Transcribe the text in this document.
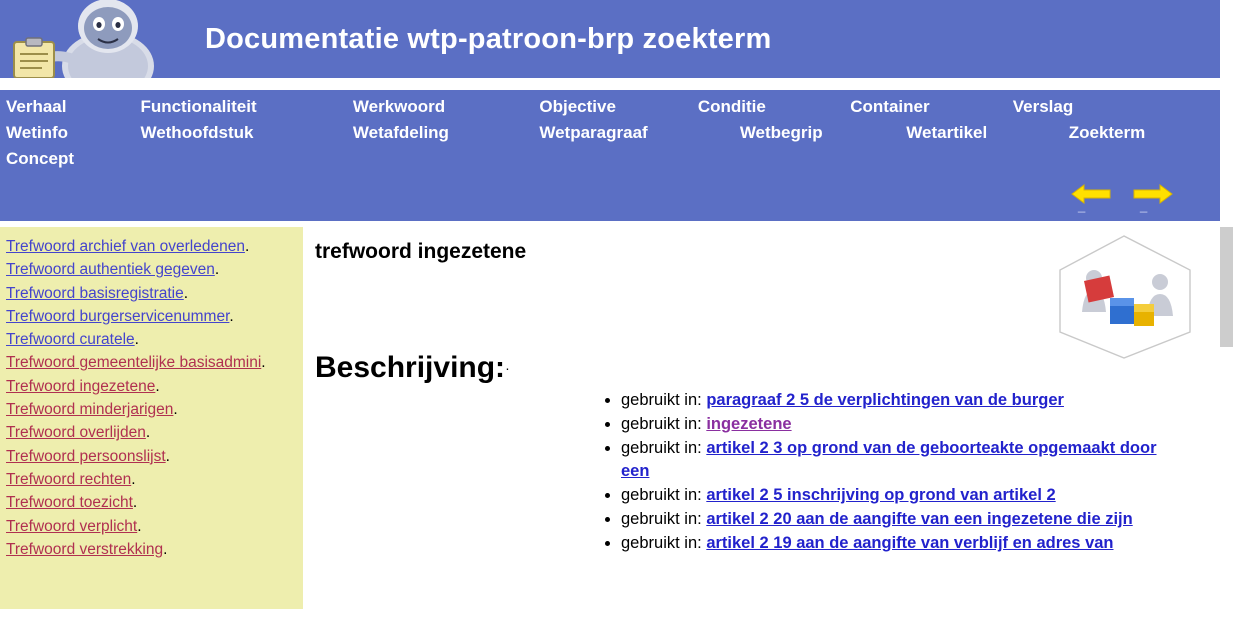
Documentatie wtp-patroon-brp zoekterm
Verhaal	Functionaliteit	Werkwoord	Objective	Conditie	Container	Verslag
Wetinfo	Wethoofdstuk	Wetafdeling	Wetparagraaf	Wetbegrip	Wetartikel	Zoekterm
Concept
_	_
Trefwoord archief van overledenen.
Trefwoord authentiek gegeven.
Trefwoord basisregistratie.
Trefwoord burgerservicenummer.
Trefwoord curatele.
Trefwoord gemeentelijke basisadmini.
Trefwoord ingezetene.
Trefwoord minderjarigen.
Trefwoord overlijden.
Trefwoord persoonslijst.
Trefwoord rechten.
Trefwoord toezicht.
Trefwoord verplicht.
Trefwoord verstrekking.
trefwoord ingezetene
Beschrijving:·
• gebruikt in: paragraaf 2 5 de verplichtingen van de burger
• gebruikt in: ingezetene
• gebruikt in: artikel 2 3 op grond van de geboorteakte opgemaakt door een
• gebruikt in: artikel 2 5 inschrijving op grond van artikel 2
• gebruikt in: artikel 2 20 aan de aangifte van een ingezetene die zijn
• gebruikt in: artikel 2 19 aan de aangifte van verblijf en adres van
